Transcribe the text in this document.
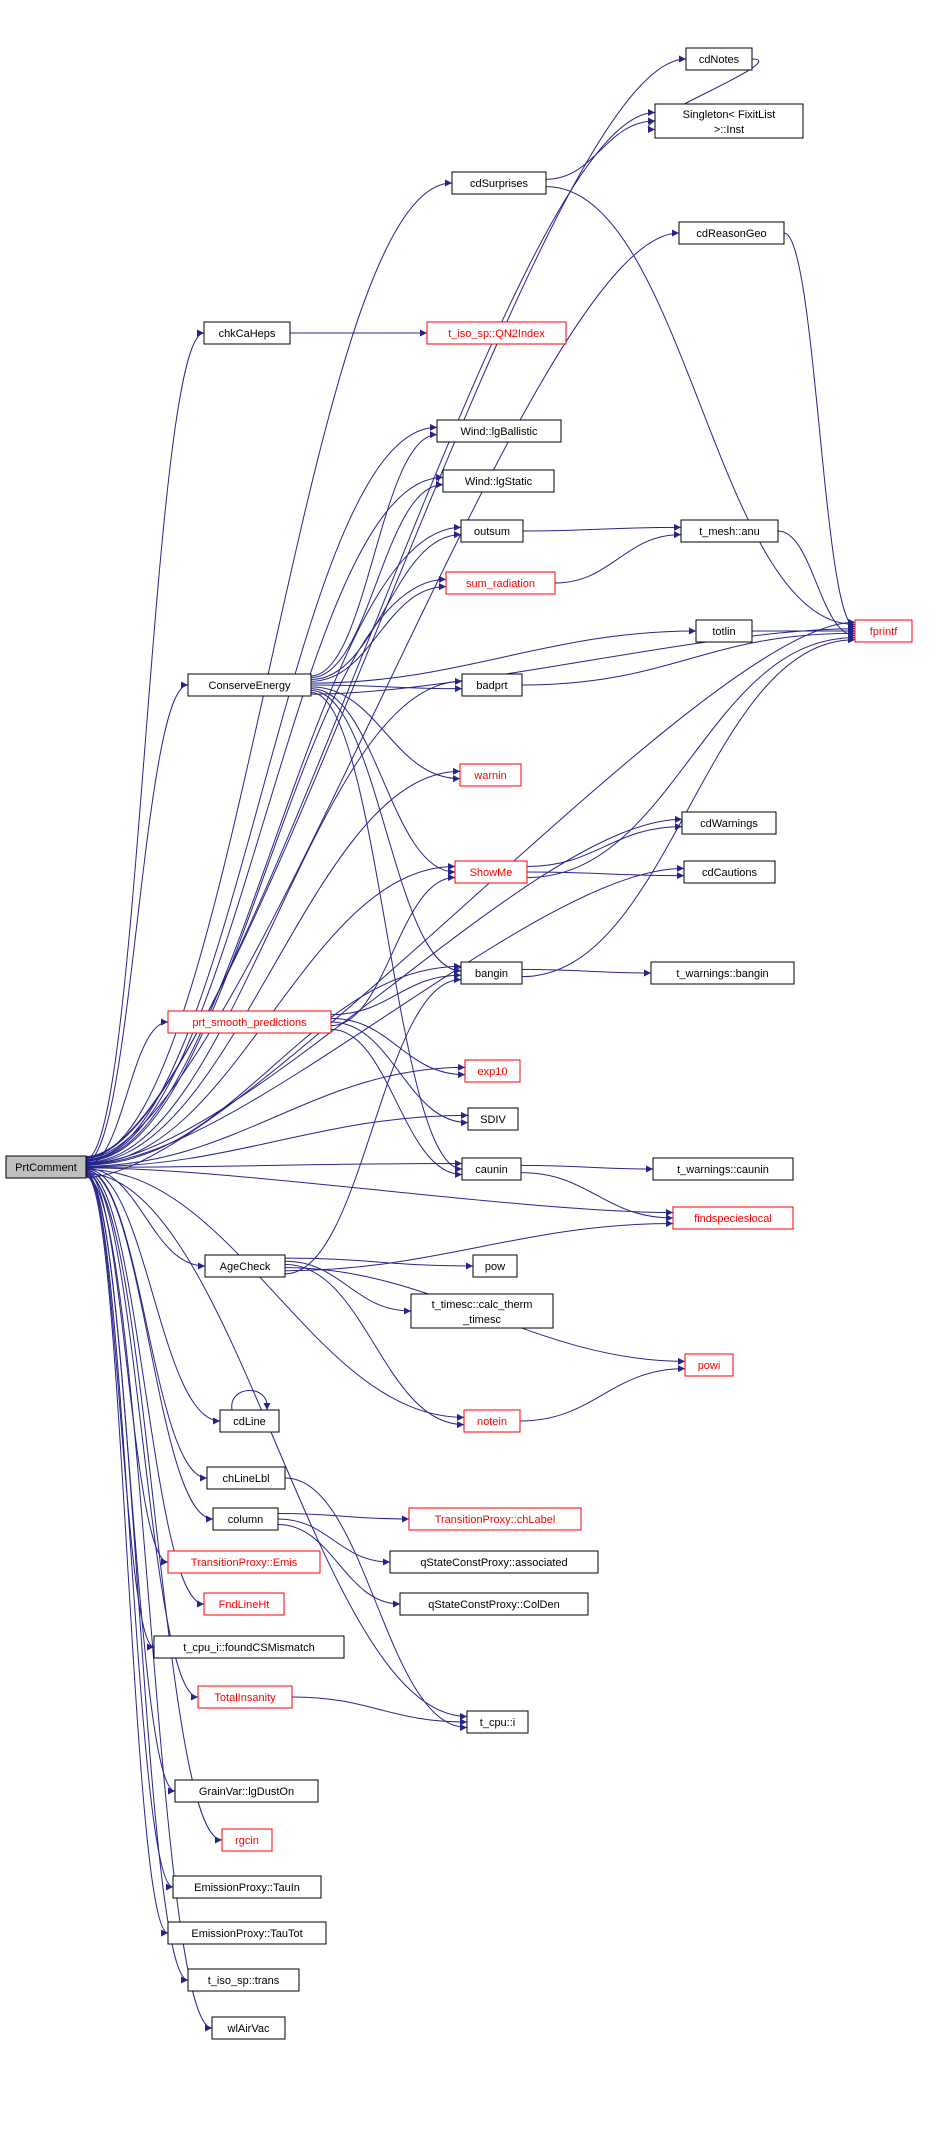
PrtComment
cdNotes
Singleton< FixitList
>::Inst
cdSurprises
cdReasonGeo
chkCaHeps	t_iso_sp::QN2Index
Wind::lgBallistic
Wind::lgStatic
outsum
sum_radiation
t_mesh::anu
totlin	fprintf
ConserveEnergy	badprt
warnin
cdWarnings
ShowMe	cdCautions
bangin	t_warnings::bangin
prt_smooth_predictions
exp10
SDIV
caunin	t_warnings::caunin
findspecieslocal
AgeCheck	pow
t_timesc::calc_therm
_timesc
powi
cdLine	notein
chLineLbl
column	TransitionProxy::chLabel
qStateConstProxy::associated
qStateConstProxy::ColDen
TransitionProxy::Emis
FndLineHt
t_cpu_i::foundCSMismatch
TotalInsanity
t_cpu::i
GrainVar::lgDustOn
rgcin
EmissionProxy::TauIn
EmissionProxy::TauTot
t_iso_sp::trans
wlAirVac
